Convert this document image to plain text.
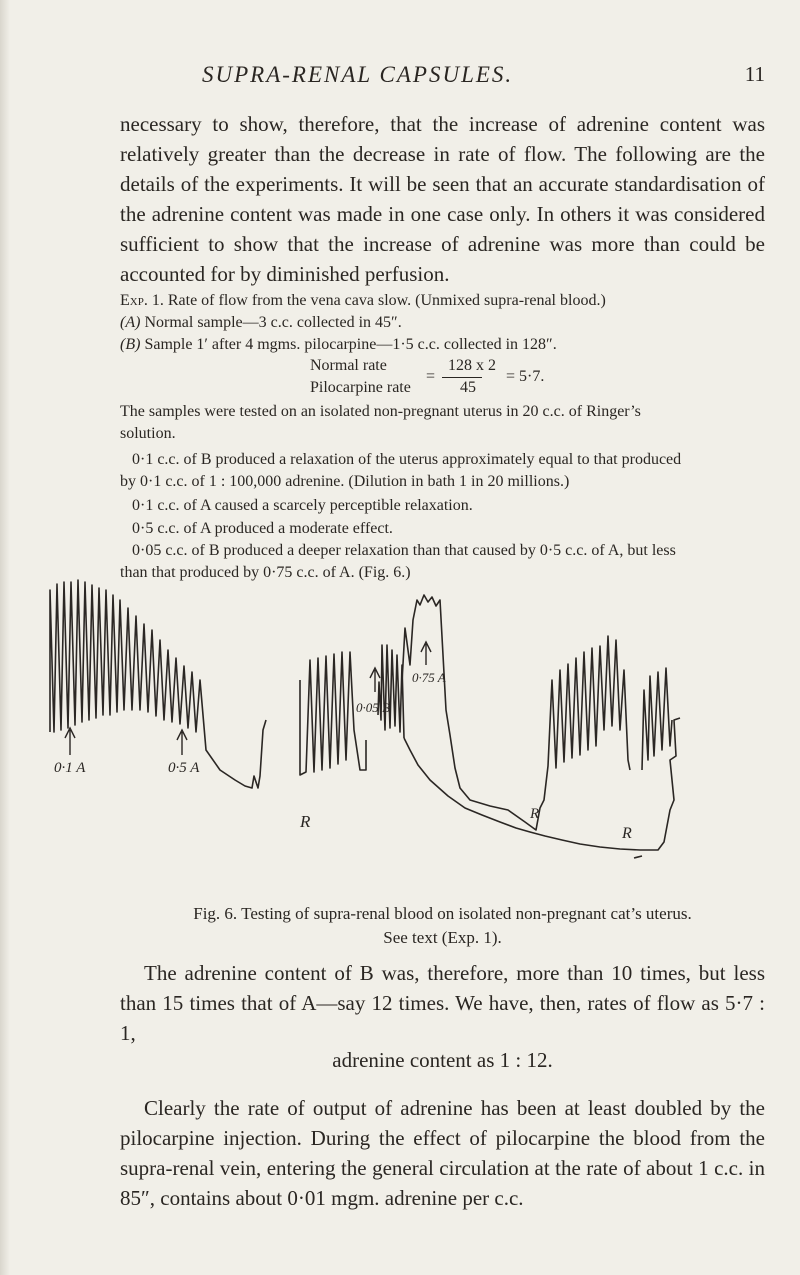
SUPRA-RENAL CAPSULES.	11

necessary to show, therefore, that the increase of adrenine content was relatively greater than the decrease in rate of flow. The following are the details of the experiments. It will be seen that an accurate standardisation of the adrenine content was made in one case only. In others it was considered sufficient to show that the increase of adrenine was more than could be accounted for by diminished perfusion.

Exp. 1. Rate of flow from the vena cava slow. (Unmixed supra-renal blood.)
(A) Normal sample—3 c.c. collected in 45″.
(B) Sample 1′ after 4 mgms. pilocarpine—1·5 c.c. collected in 128″.
The samples were tested on an isolated non-pregnant uterus in 20 c.c. of Ringer’s
solution.
0·1 c.c. of B produced a relaxation of the uterus approximately equal to that produced
by 0·1 c.c. of 1 : 100,000 adrenine. (Dilution in bath 1 in 20 millions.)
0·1 c.c. of A caused a scarcely perceptible relaxation.
0·5 c.c. of A produced a moderate effect.
0·05 c.c. of B produced a deeper relaxation than that caused by 0·5 c.c. of A, but less
than that produced by 0·75 c.c. of A. (Fig. 6.)
Normal rate
Pilocarpine rate
=
128 x 2
45
= 5·7.
0·1 A	0·5 A
0·05 B
0·75 A
R	R
R
Fig. 6. Testing of supra-renal blood on isolated non-pregnant cat’s uterus.
See text (Exp. 1).

The adrenine content of B was, therefore, more than 10 times, but less than 15 times that of A—say 12 times. We have, then, rates of flow as 5·7 : 1,

adrenine content as 1 : 12.

Clearly the rate of output of adrenine has been at least doubled by the pilocarpine injection. During the effect of pilocarpine the blood from the supra-renal vein, entering the general circulation at the rate of about 1 c.c. in 85″, contains about 0·01 mgm. adrenine per c.c.
